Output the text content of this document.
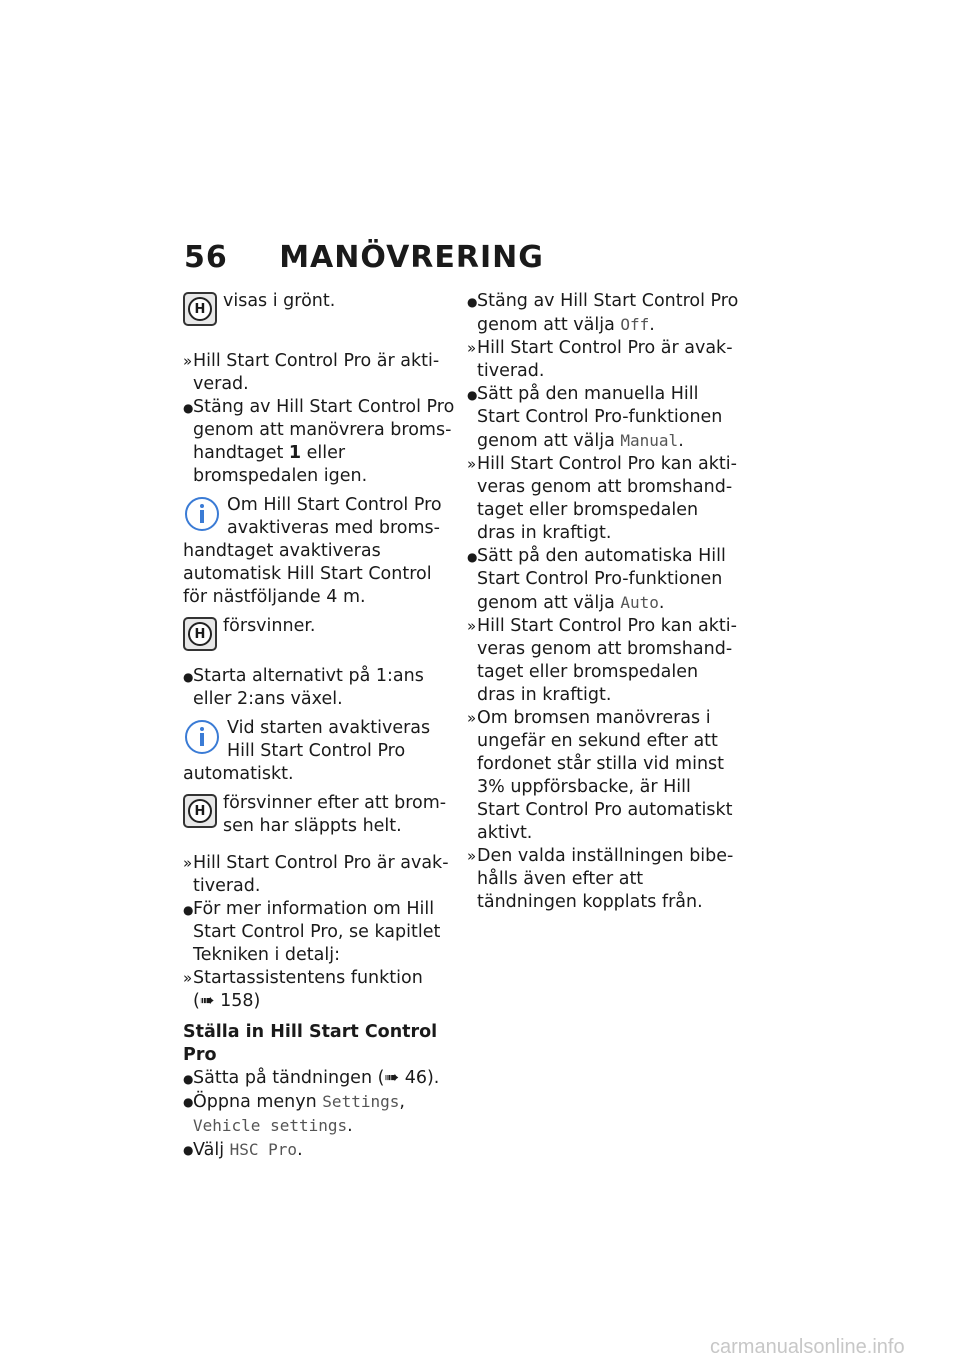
56 MANÖVRERING
H	visas i grönt.
» Hill Start Control Pro är aktiverad.
● Stäng av Hill Start Control Pro genom att manövrera bromshandtaget 1 eller bromspedalen igen.
Om Hill Start Control Pro avaktiveras med bromshandtaget avaktiveras automatisk Hill Start Control för nästföljande 4 m.
H	försvinner.
● Starta alternativt på 1:ans eller 2:ans växel.
Vid starten avaktiveras Hill Start Control Pro automatiskt.
H	försvinner efter att bromsen har släppts helt.
» Hill Start Control Pro är avaktiverad.
● För mer information om Hill Start Control Pro, se kapitlet Tekniken i detalj:
» Startassistentens funktion
(➠ 158)
Ställa in Hill Start Control Pro
● Sätta på tändningen (➠ 46).
● Öppna menyn Settings,
Vehicle settings.
● Välj HSC Pro.
● Stäng av Hill Start Control Pro genom att välja Off.
» Hill Start Control Pro är avaktiverad.
● Sätt på den manuella Hill Start Control Pro-funktionen genom att välja Manual.
» Hill Start Control Pro kan aktiveras genom att bromshandtaget eller bromspedalen dras in kraftigt.
● Sätt på den automatiska Hill Start Control Pro-funktionen genom att välja Auto.
» Hill Start Control Pro kan aktiveras genom att bromshandtaget eller bromspedalen dras in kraftigt.
» Om bromsen manövreras i ungefär en sekund efter att fordonet står stilla vid minst 3% uppförsbacke, är Hill Start Control Pro automatiskt aktivt.
» Den valda inställningen bibehålls även efter att tändningen kopplats från.
carmanualsonline.info
